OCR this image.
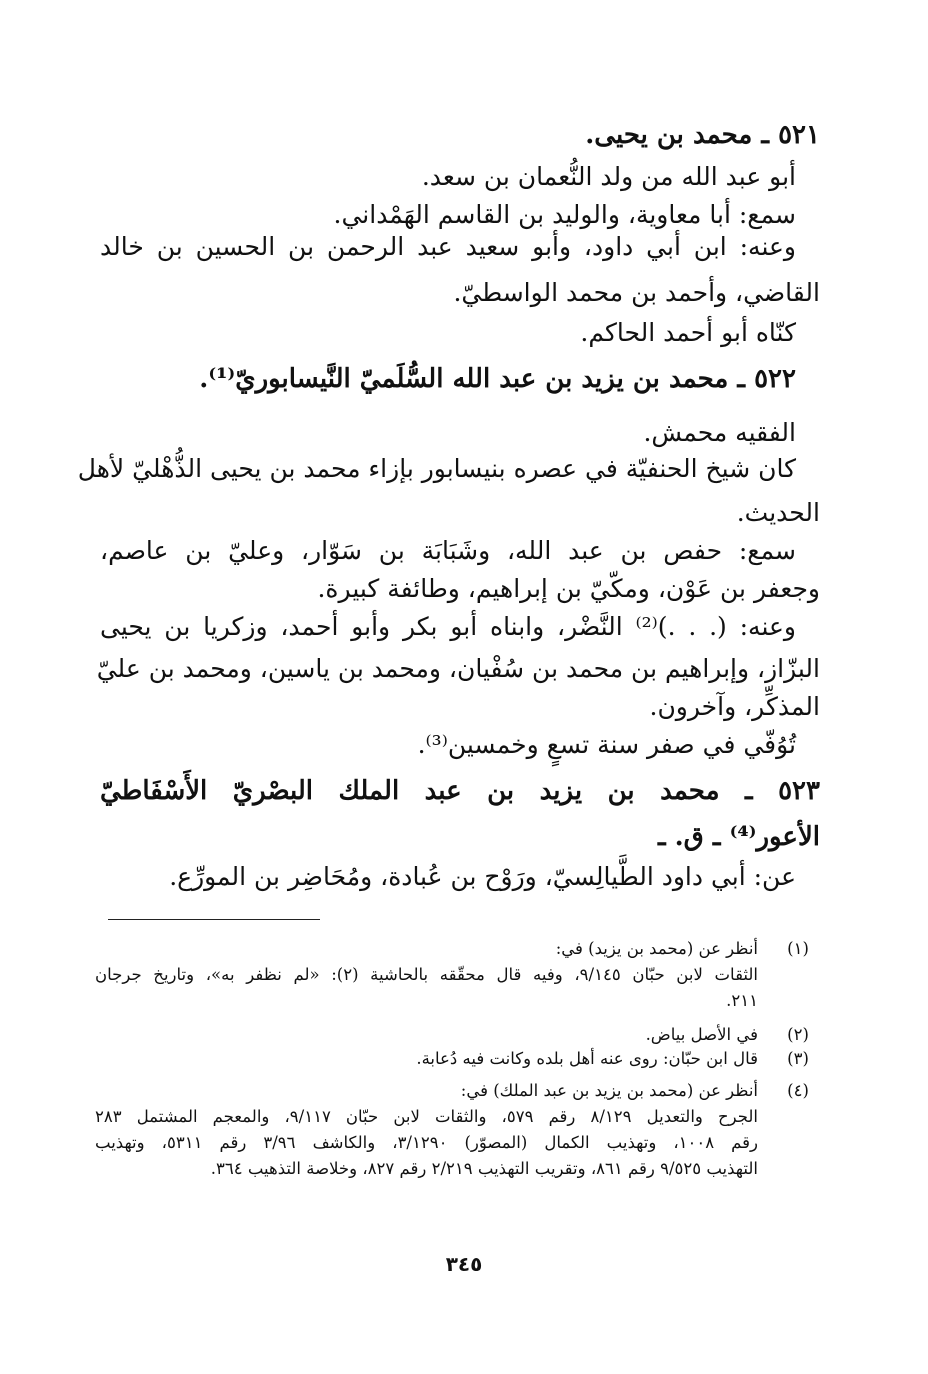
٥٢١ ـ محمد بن يحيى.
أبو عبد الله من ولد النُّعمان بن سعد.
سمع: أبا معاوية، والوليد بن القاسم الهَمْداني.
وعنه: ابن أبي داود، وأبو سعيد عبد الرحمن بن الحسين بن خالد
القاضي، وأحمد بن محمد الواسطيّ.
كنّاه أبو أحمد الحاكم.
٥٢٢ ـ محمد بن يزيد بن عبد الله السُّلَميّ النَّيسابوريّ⁽¹⁾.
الفقيه محمش.
كان شيخ الحنفيّة في عصره بنيسابور بإزاء محمد بن يحيى الذُّهْليّ لأهل
الحديث.
سمع: حفص بن عبد الله، وشَبَابَة بن سَوّار، وعليّ بن عاصم،
وجعفر بن عَوْن، ومكّيّ بن إبراهيم، وطائفة كبيرة.
وعنه: (. . .)⁽²⁾ النَّضْر، وابناه أبو بكر وأبو أحمد، وزكريا بن يحيى
البزّاز، وإبراهيم بن محمد بن سُفْيان، ومحمد بن ياسين، ومحمد بن عليّ
المذكِّر، وآخرون.
تُوُفّي في صفر سنة تسعٍ وخمسين⁽³⁾.
٥٢٣ ـ محمد بن يزيد بن عبد الملك البصْريّ الأَسْفَاطيّ
الأعور⁽⁴⁾ ـ ق. ـ
عن: أبي داود الطَّيالِسيّ، ورَوْح بن عُبادة، ومُحَاضِر بن المورِّع.
(١)
أنظر عن (محمد بن يزيد) في:
الثقات لابن حبّان ٩/١٤٥، وفيه قال محقّقه بالحاشية (٢): «لم نظفر به»، وتاريخ جرجان
٢١١.
(٢)
في الأصل بياض.
(٣)
قال ابن حبّان: روى عنه أهل بلده وكانت فيه دُعابة.
(٤)
أنظر عن (محمد بن يزيد بن عبد الملك) في:
الجرح والتعديل ٨/١٢٩ رقم ٥٧٩، والثقات لابن حبّان ٩/١١٧، والمعجم المشتمل ٢٨٣
رقم ١٠٠٨، وتهذيب الكمال (المصوّر) ٣/١٢٩٠، والكاشف ٣/٩٦ رقم ٥٣١١، وتهذيب
التهذيب ٩/٥٢٥ رقم ٨٦١، وتقريب التهذيب ٢/٢١٩ رقم ٨٢٧، وخلاصة التذهيب ٣٦٤.
٣٤٥
